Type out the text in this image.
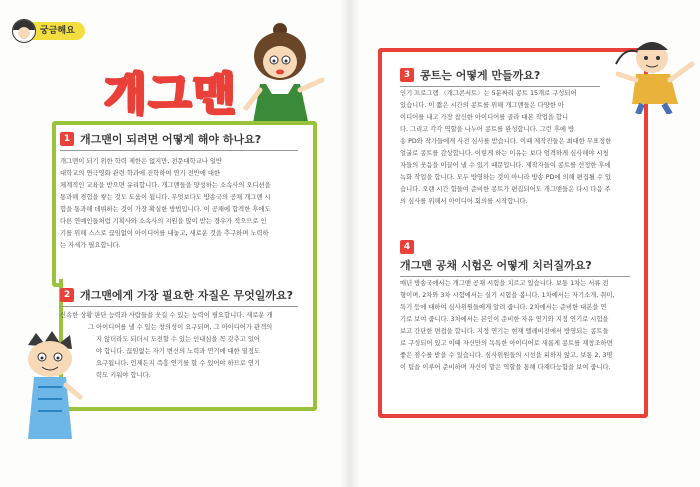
궁금해요
개 그 맨
1 개그맨이 되려면 어떻게 해야 하나요?

개그맨이 되기 위한 학력 제한은 없지만, 전문대학교나 일반

대학교의 연극영화 관련 학과에 진학하여 연기 전반에 대한

체계적인 교육을 받으면 유리합니다. 개그맨들을 양성하는 소속사의 오디션을

통과해 경험을 쌓는 것도 도움이 됩니다. 무엇보다도 방송국의 공채 개그맨 시

험을 통과해 데뷔하는 것이 가장 확실한 방법입니다. 이 공채에 합격한 후에도

다른 연예인들처럼 기획사와 소속사의 지원을 많이 받는 경우가 적으므로 인

기를 위해 스스로 끊임없이 아이디어를 내놓고, 새로운 것을 추구하며 노력하

는 자세가 필요합니다.

2 개그맨에게 가장 필요한 자질은 무엇일까요?

신속한 상황 판단 능력과 사람들을 웃길 수 있는 능력이 필요합니다. 새로운 개

그 아이디어를 낼 수 있는 창의성이 요구되며, 그 아이디어가 관객의

지 않더라도 되더시 도전할 수 있는 인내심을 꼭 갖추고 있어

야 합니다. 끊임없는 자기 변신의 노력과 연기에 대한 열정도

요구됩니다. 언제든지 즉흥 연기를 할 수 있어야 하므로 연기

력도 키워야 합니다.

3 콩트는 어떻게 만들까요?

인기 프로그램 〈개그콘서트〉는 5분짜리 콩트 15개로 구성되어

있습니다. 이 짧은 시간의 콩트를 위해 개그맨들은 다양한 아

이디어를 내고 가장 참신한 아이디어를 골라 대본 작업을 합니

다. 그리고 각각 역할을 나누어 콩트를 완성합니다. 그런 후에 방

송 PD와 작가들에게 사전 심사를 받습니다. 이때 제작진들은 최대한 무표정한

얼굴로 콩트를 감상합니다. 이렇게 하는 이유는 보다 엄격하게 심사해야 시청

자들의 웃음을 이끌어 낼 수 있기 때문입니다. 제작자들이 콩트를 선정한 후에

녹화 작업을 합니다. 모두 방영하는 것이 아니라 방송 PD에 의해 편집될 수 있

습니다. 오랜 시간 힘들여 준비한 콩트가 편집되어도 개그맨들은 다시 다음 주

의 심사를 위해서 아이디어 회의를 시작합니다.

4
개그맨 공채 시험은 어떻게 치러질까요?

매년 방송국에서는 개그맨 공채 시험을 치르고 있습니다. 보통 1차는 서류 전

형이며, 2차와 3차 시험에서는 실기 시험을 봅니다. 1차에서는 자기소개, 취미,

특기 등에 대하여 심사위원들에게 알려 줍니다. 2차에서는 준비한 대본을 연

기로 보여 줍니다. 3차에서는 본인이 준비한 자유 연기와 지정 연기로 시험을

보고 간단한 면접을 합니다. 지정 연기는 현재 텔레비전에서 방영되는 콩트들

로 구성되어 있고 이때 자신만의 독특한 아이디어로 새롭게 콩트를 재창조하면

좋은 점수를 받을 수 있습니다. 심사위원들의 시선을 피하지 않고, 보통 2, 3명

이 팀을 이루어 준비하며 자신이 맡은 역할을 통해 다재다능함을 보여 줍니다.
